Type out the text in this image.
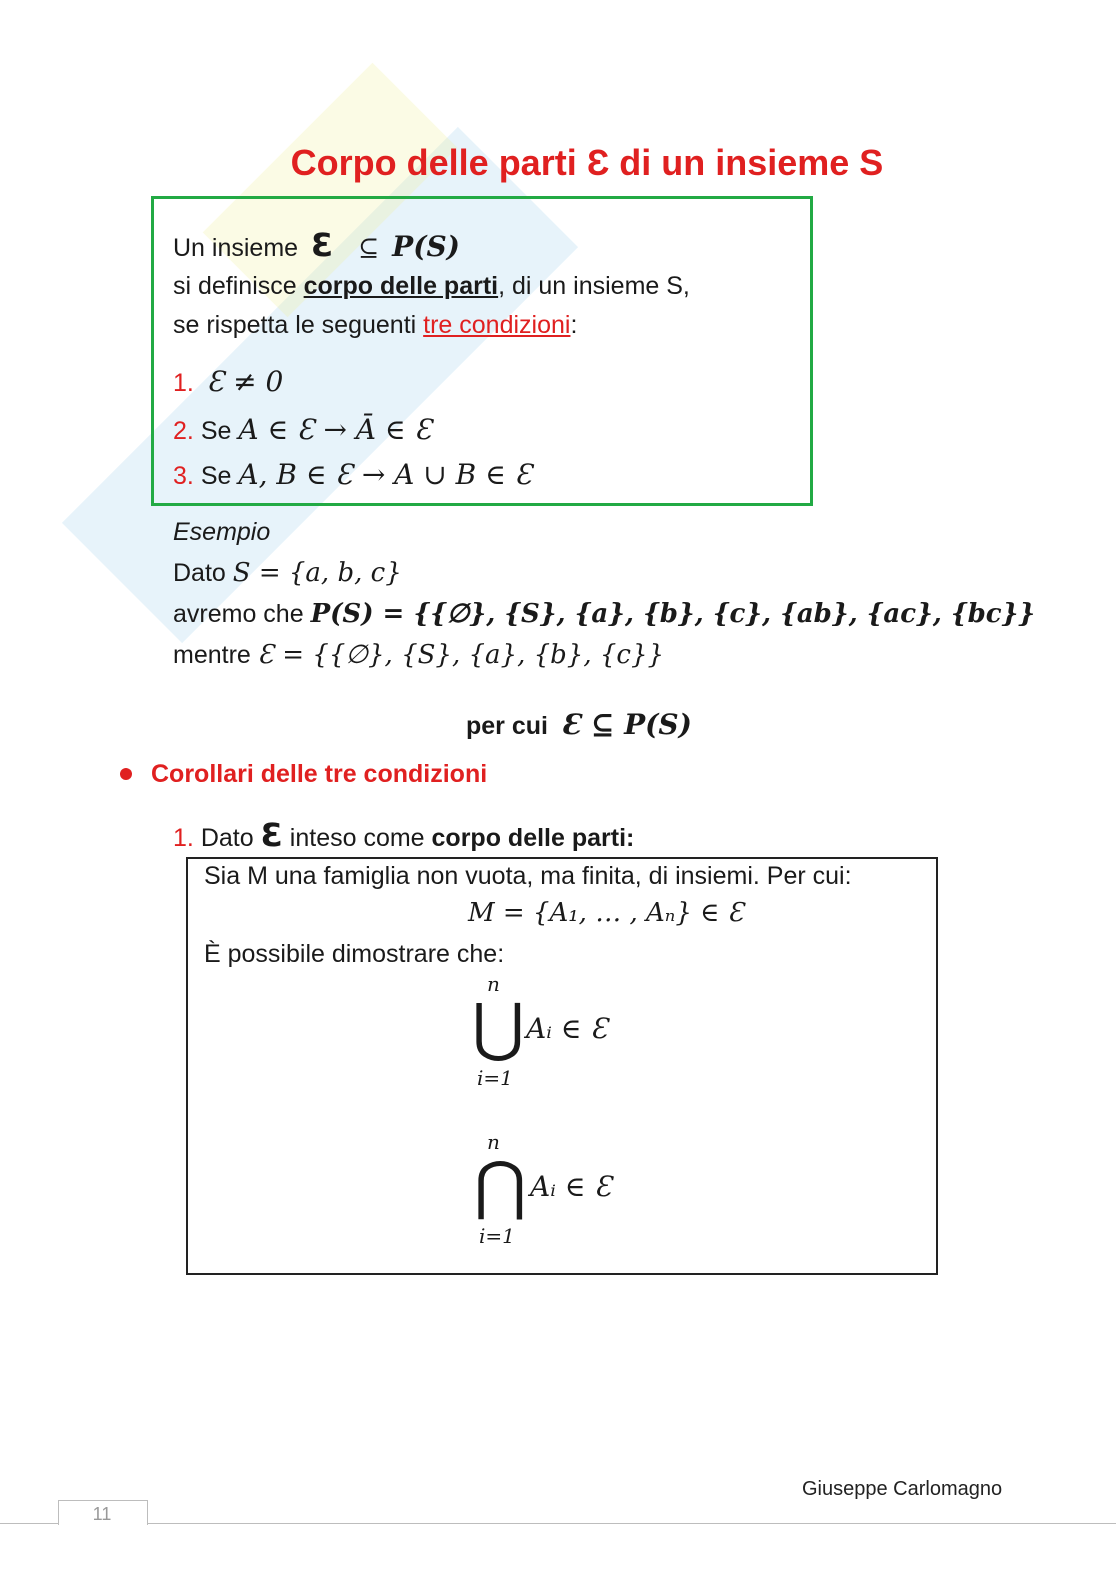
Corpo delle parti Ɛ di un insieme S
Un insieme Ɛ ⊆ P(S)
si definisce corpo delle parti, di un insieme S,
se rispetta le seguenti tre condizioni:
1. Ɛ ≠ 0
2. Se A ∈ Ɛ → Ā ∈ Ɛ
3. Se A, B ∈ Ɛ → A ∪ B ∈ Ɛ
Esempio
Dato S = {a, b, c}
avremo che P(S) = {{∅}, {S}, {a}, {b}, {c}, {ab}, {ac}, {bc}}
mentre Ɛ = {{∅}, {S}, {a}, {b}, {c}}
per cui Ɛ ⊆ P(S)
Corollari delle tre condizioni
1. Dato Ɛ inteso come corpo delle parti:
Sia M una famiglia non vuota, ma finita, di insiemi. Per cui:
M = {A₁, … , Aₙ} ∈ Ɛ
È possibile dimostrare che:
n
⋃
i=1
Aᵢ ∈ Ɛ
n
⋂
i=1
Aᵢ ∈ Ɛ
Giuseppe Carlomagno
11
